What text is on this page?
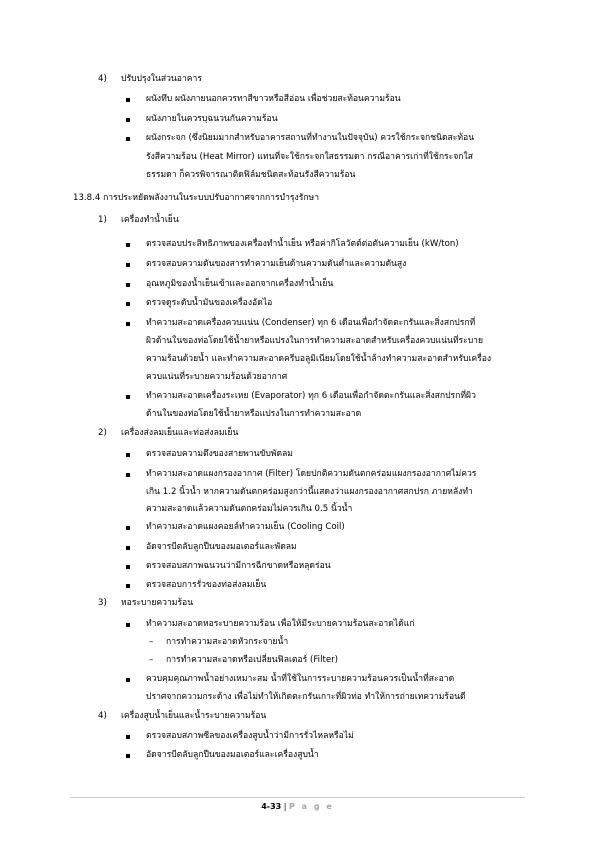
4) ปรับปรุงในส่วนอาคาร
ผนังทึบ ผนังภายนอกควรทาสีขาวหรือสีอ่อน เพื่อช่วยสะท้อนความร้อน
ผนังภายในควรบุฉนวนกันความร้อน
ผนังกระจก (ซึ่งนิยมมากสำหรับอาคารสถานที่ทำงานในปัจจุบัน) ควรใช้กระจกชนิดสะท้อน
รังสีความร้อน (Heat Mirror) แทนที่จะใช้กระจกใสธรรมดา กรณีอาคารเก่าที่ใช้กระจกใส
ธรรมดา ก็ควรพิจารณาติดฟิล์มชนิดสะท้อนรังสีความร้อน
13.8.4 การประหยัดพลังงานในระบบปรับอากาศจากการบำรุงรักษา
1) เครื่องทำน้ำเย็น
ตรวจสอบประสิทธิภาพของเครื่องทำน้ำเย็น หรือค่ากิโลวัตต์ต่อตันความเย็น (kW/ton)
ตรวจสอบความดันของสารทำความเย็นด้านความดันต่ำและความดันสูง
อุณหภูมิของน้ำเย็นเข้าและออกจากเครื่องทำน้ำเย็น
ตรวจดูระดับน้ำมันของเครื่องอัดไอ
ทำความสะอาดเครื่องควบแน่น (Condenser) ทุก 6 เดือนเพื่อกำจัดตะกรันและสิ่งสกปรกที่
ผิวด้านในของท่อโดยใช้น้ำยาหรือแปรงในการทำความสะอาดสำหรับเครื่องควบแน่นที่ระบาย
ความร้อนด้วยน้ำ และทำความสะอาดครีบอลูมิเนียมโดยใช้น้ำล้างทำความสะอาดสำหรับเครื่อง
ควบแน่นที่ระบายความร้อนด้วยอากาศ
ทำความสะอาดเครื่องระเหย (Evaporator) ทุก 6 เดือนเพื่อกำจัดตะกรันและสิ่งสกปรกที่ผิว
ด้านในของท่อโดยใช้น้ำยาหรือแปรงในการทำความสะอาด
2) เครื่องส่งลมเย็นและท่อส่งลมเย็น
ตรวจสอบความตึงของสายพานขับพัดลม
ทำความสะอาดแผงกรองอากาศ (Filter) โดยปกติความดันตกคร่อมแผงกรองอากาศไม่ควร
เกิน 1.2 นิ้วน้ำ หากความดันตกคร่อมสูงกว่านี้แสดงว่าแผงกรองอากาศสกปรก ภายหลังทำ
ความสะอาดแล้วความดันตกคร่อมไม่ควรเกิน 0.5 นิ้วน้ำ
ทำความสะอาดแผงคอยล์ทำความเย็น (Cooling Coil)
อัดจารบีตลับลูกปืนของมอเตอร์และพัดลม
ตรวจสอบสภาพฉนวนว่ามีการฉีกขาดหรือหลุดร่อน
ตรวจสอบการรั่วของท่อส่งลมเย็น
3) หอระบายความร้อน
ทำความสะอาดหอระบายความร้อน เพื่อให้มีระบายความร้อนสะอาดได้แก่
– การทำความสะอาดหัวกระจายน้ำ
– การทำความสะอาดหรือเปลี่ยนฟิลเตอร์ (Filter)
ควบคุมคุณภาพน้ำอย่างเหมาะสม น้ำที่ใช้ในการระบายความร้อนควรเป็นน้ำที่สะอาด
ปราศจากความกระด้าง เพื่อไม่ทำให้เกิดตะกรันเกาะที่ผิวท่อ ทำให้การถ่ายเทความร้อนดี
4) เครื่องสูบน้ำเย็นและน้ำระบายความร้อน
ตรวจสอบสภาพซีลของเครื่องสูบน้ำว่ามีการรั่วไหลหรือไม่
อัดจารบีตลับลูกปืนของมอเตอร์และเครื่องสูบน้ำ
4-33 | P a g e
